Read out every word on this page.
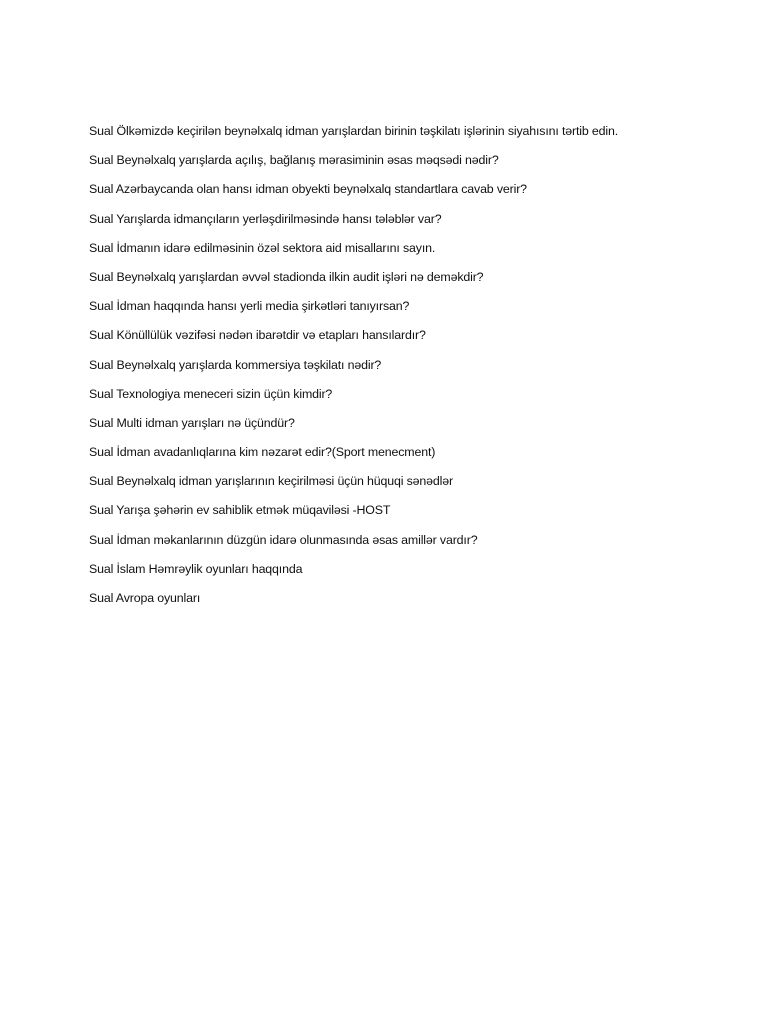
Sual Ölkəmizdə keçirilən beynəlxalq idman yarışlardan birinin təşkilatı işlərinin siyahısını tərtib edin.
Sual Beynəlxalq yarışlarda açılış, bağlanış mərasiminin əsas məqsədi nədir?
Sual Azərbaycanda olan hansı idman obyekti beynəlxalq standartlara cavab verir?
Sual Yarışlarda idmançıların yerləşdirilməsində hansı tələblər var?
Sual İdmanın idarə edilməsinin özəl sektora aid misallarını sayın.
Sual Beynəlxalq yarışlardan əvvəl stadionda ilkin audit işləri nə deməkdir?
Sual İdman haqqında hansı yerli media şirkətləri tanıyırsan?
Sual Könüllülük vəzifəsi nədən ibarətdir və etapları hansılardır?
Sual Beynəlxalq yarışlarda kommersiya təşkilatı nədir?
Sual Texnologiya meneceri sizin üçün kimdir?
Sual Multi idman yarışları nə üçündür?
Sual İdman avadanlıqlarına kim nəzarət edir?(Sport menecment)
Sual Beynəlxalq idman yarışlarının keçirilməsi üçün hüquqi sənədlər
Sual Yarışa şəhərin ev sahiblik etmək müqaviləsi -HOST
Sual İdman məkanlarının düzgün idarə olunmasında əsas amillər vardır?
Sual İslam Həmrəylik oyunları haqqında
Sual Avropa oyunları
